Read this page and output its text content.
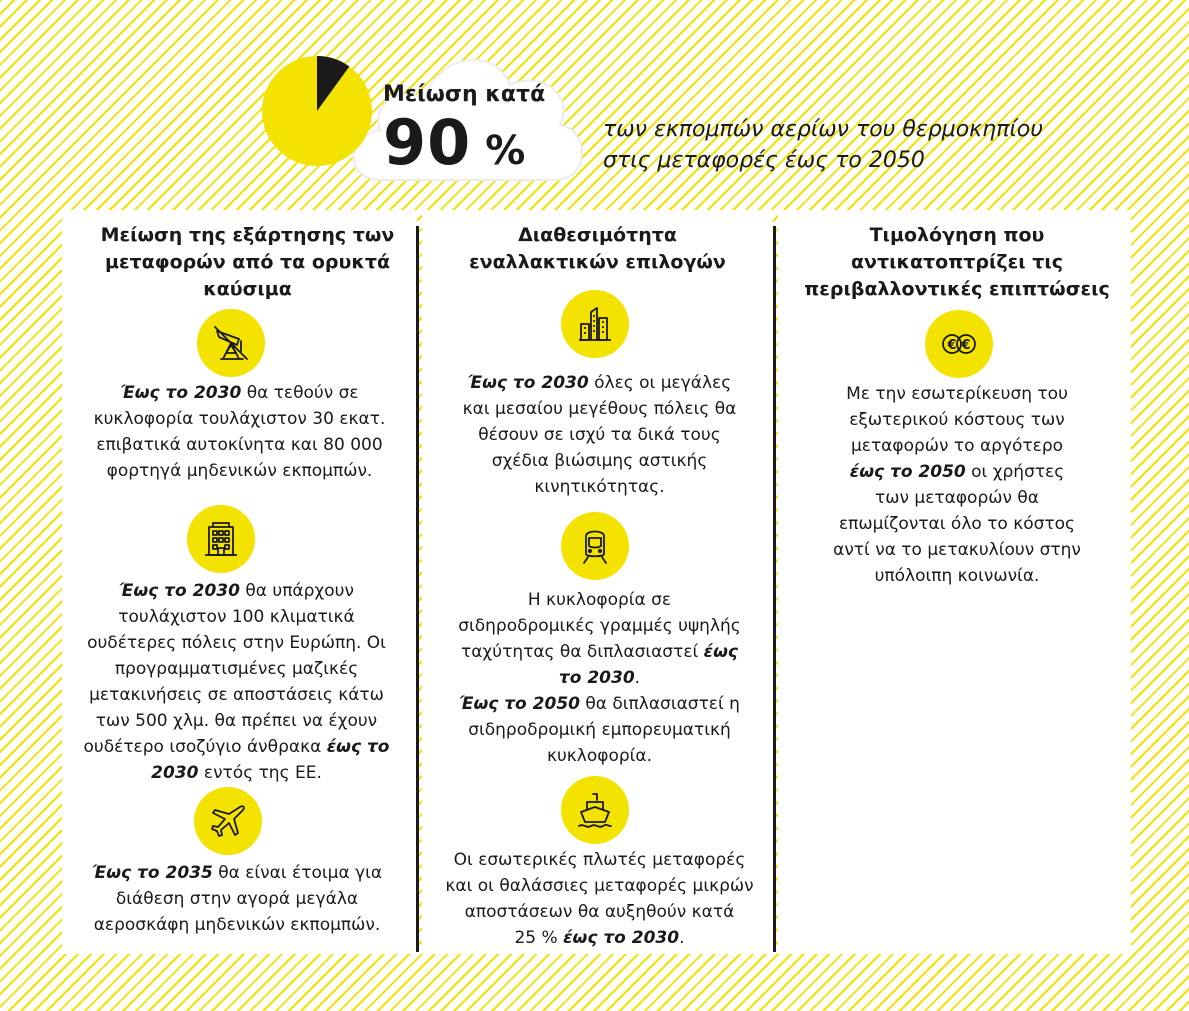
Μείωση κατά
90 %	των εκπομπών αερίων του θερμοκηπίου
στις μεταφορές έως το 2050
Μείωση της εξάρτησης των
μεταφορών από τα ορυκτά
καύσιμα
Έως το 2030 θα τεθούν σε
κυκλοφορία τουλάχιστον 30 εκατ.
επιβατικά αυτοκίνητα και 80 000
φορτηγά μηδενικών εκπομπών.
Έως το 2030 θα υπάρχουν
τουλάχιστον 100 κλιματικά
ουδέτερες πόλεις στην Ευρώπη. Οι
προγραμματισμένες μαζικές
μετακινήσεις σε αποστάσεις κάτω
των 500 χλμ. θα πρέπει να έχουν
ουδέτερο ισοζύγιο άνθρακα έως το
2030 εντός της ΕΕ.
Έως το 2035 θα είναι έτοιμα για
διάθεση στην αγορά μεγάλα
αεροσκάφη μηδενικών εκπομπών.
Διαθεσιμότητα
εναλλακτικών επιλογών
Έως το 2030 όλες οι μεγάλες
και μεσαίου μεγέθους πόλεις θα
θέσουν σε ισχύ τα δικά τους
σχέδια βιώσιμης αστικής
κινητικότητας.
Η κυκλοφορία σε
σιδηροδρομικές γραμμές υψηλής
ταχύτητας θα διπλασιαστεί έως
το 2030.
Έως το 2050 θα διπλασιαστεί η
σιδηροδρομική εμπορευματική
κυκλοφορία.
Οι εσωτερικές πλωτές μεταφορές
και οι θαλάσσιες μεταφορές μικρών
αποστάσεων θα αυξηθούν κατά
25 % έως το 2030.
Τιμολόγηση που
αντικατοπτρίζει τις
περιβαλλοντικές επιπτώσεις
€ €
Με την εσωτερίκευση του
εξωτερικού κόστους των
μεταφορών το αργότερο
έως το 2050 οι χρήστες
των μεταφορών θα
επωμίζονται όλο το κόστος
αντί να το μετακυλίουν στην
υπόλοιπη κοινωνία.
